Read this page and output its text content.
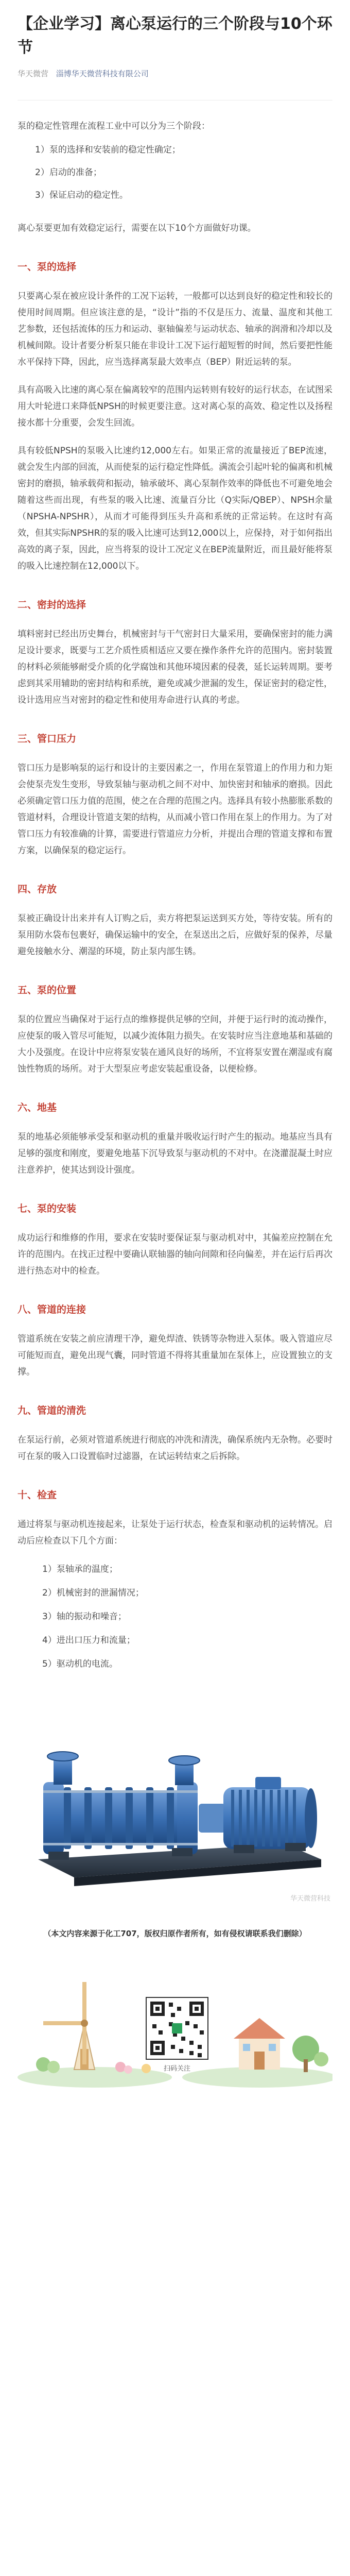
【企业学习】离心泵运行的三个阶段与10个环节
华天微营 淄博华天微营科技有限公司

泵的稳定性管理在流程工业中可以分为三个阶段：

1）泵的选择和安装前的稳定性确定；
2）启动的准备；
3）保证启动的稳定性。

离心泵要更加有效稳定运行，需要在以下10个方面做好功课。

一、泵的选择

只要离心泵在被应设计条件的工况下运转，一般都可以达到良好的稳定性和较长的使用时间周期。但应该注意的是，“设计”指的不仅是压力、流量、温度和其他工艺参数，还包括流体的压力和运动、驱轴偏差与运动状态、轴承的润滑和冷却以及机械间隙。设计者要分析泵只能在非设计工况下运行超短暂的时间，然后要把性能水平保持下降，因此，应当选择离泵最大效率点（BEP）附近运转的泵。

具有高吸入比速的离心泵在偏离较窄的范围内运转则有较好的运行状态，在试图采用大叶轮进口来降低NPSH的时候更要注意。这对离心泵的高效、稳定性以及扬程接水都十分重要，会发生回流。

具有较低NPSH的泵吸入比速约12,000左右。如果正常的流量接近了BEP流速，就会发生内部的回流，从而使泵的运行稳定性降低。满流会引起叶轮的偏离和机械密封的磨损，轴承载荷和振动，轴承破坏、离心泵制作效率的降低也不可避免地会随着这些而出现，有些泵的吸入比速、流量百分比（Q实际/QBEP）、NPSH余量（NPSHA-NPSHR），从而才可能得到压头升高和系统的正常运转。在这时有高效，但其实际NPSHR的泵的吸入比速可达到12,000以上，应保持，对于如何指出高效的离子泵，因此，应当将泵的设计工况定义在BEP流量附近，而且最好能将泵的吸入比速控制在12,000以下。

二、密封的选择

填料密封已经出历史舞台，机械密封与干气密封日大量采用，要确保密封的能力满足设计要求，既要与工艺介质性质相适应又要在操作条件允许的范围内。密封装置的材料必须能够耐受介质的化学腐蚀和其他环境因素的侵袭，延长运转周期。要考虑到其采用辅助的密封结构和系统，避免或减少泄漏的发生，保证密封的稳定性，设计选用应当对密封的稳定性和使用寿命进行认真的考虑。

三、管口压力

管口压力是影响泵的运行和设计的主要因素之一，作用在泵管道上的作用力和力矩会使泵壳发生变形，导致泵轴与驱动机之间不对中、加快密封和轴承的磨损。因此必须确定管口压力值的范围，使之在合理的范围之内。选择具有较小热膨胀系数的管道材料，合理设计管道支架的结构，从而减小管口作用在泵上的作用力。为了对管口压力有较准确的计算，需要进行管道应力分析，并提出合理的管道支撑和布置方案，以确保泵的稳定运行。

四、存放

泵被正确设计出来并有人订购之后，卖方将把泵运送到买方处，等待安装。所有的泵用防水袋布包裹好，确保运输中的安全，在泵送出之后，应做好泵的保养，尽量避免接触水分、潮湿的环境，防止泵内部生锈。

五、泵的位置

泵的位置应当确保对于运行点的维修提供足够的空间，并便于运行时的流动操作，应使泵的吸入管尽可能短，以减少流体阻力损失。在安装时应当注意地基和基础的大小及强度。在设计中应将泵安装在通风良好的场所，不宜将泵安置在潮湿或有腐蚀性物质的场所。对于大型泵应考虑安装起重设备，以便检修。

六、地基

泵的地基必须能够承受泵和驱动机的重量并吸收运行时产生的振动。地基应当具有足够的强度和刚度，要避免地基下沉导致泵与驱动机的不对中。在浇灌混凝土时应注意养护，使其达到设计强度。

七、泵的安装

成功运行和维修的作用，要求在安装时要保证泵与驱动机对中，其偏差应控制在允许的范围内。在找正过程中要确认联轴器的轴向间隙和径向偏差，并在运行后再次进行热态对中的检查。

八、管道的连接

管道系统在安装之前应清理干净，避免焊渣、铁锈等杂物进入泵体。吸入管道应尽可能短而直，避免出现气囊，同时管道不得将其重量加在泵体上，应设置独立的支撑。

九、管道的清洗

在泵运行前，必须对管道系统进行彻底的冲洗和清洗，确保系统内无杂物。必要时可在泵的吸入口设置临时过滤器，在试运转结束之后拆除。

十、检查

通过将泵与驱动机连接起来，让泵处于运行状态，检查泵和驱动机的运转情况。启动后应检查以下几个方面：

1）泵轴承的温度；
2）机械密封的泄漏情况；
3）轴的振动和噪音；
4）进出口压力和流量；
5）驱动机的电流。
华天微营科技

（本文内容来源于化工707，版权归原作者所有，如有侵权请联系我们删除）

扫码关注
